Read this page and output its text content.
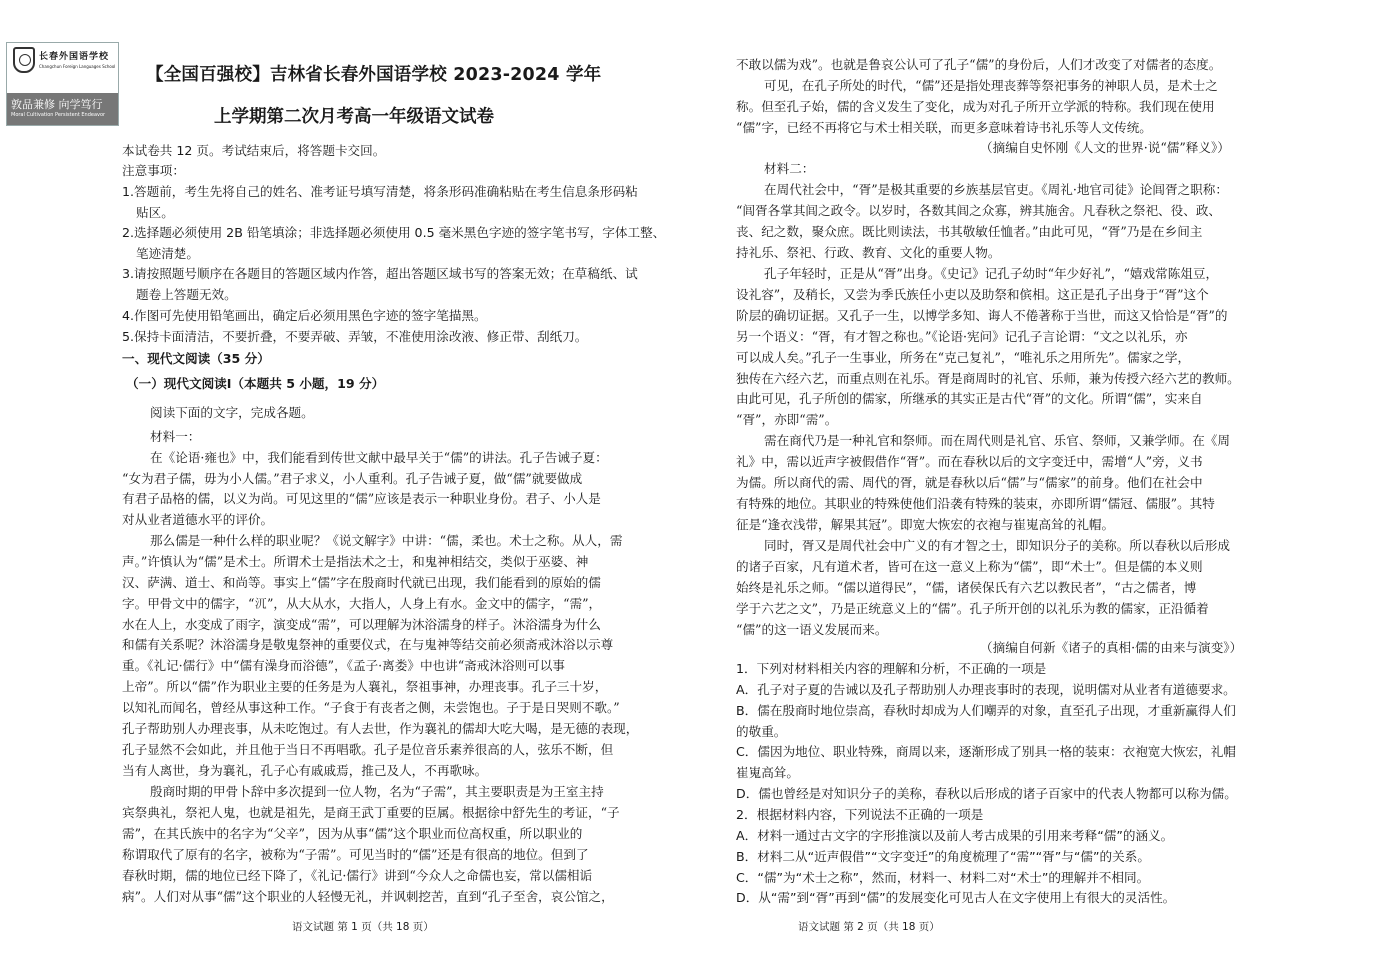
长春外国语学校
Changchun Foreign Languages School
敦品兼修 向学笃行
Moral Cultivation Persistent Endeavor
【全国百强校】吉林省长春外国语学校 2023-2024 学年
上学期第二次月考高一年级语文试卷
本试卷共 12 页。考试结束后，将答题卡交回。
注意事项：
1.答题前，考生先将自己的姓名、准考证号填写清楚，将条形码准确粘贴在考生信息条形码粘
贴区。
2.选择题必须使用 2B 铅笔填涂；非选择题必须使用 0.5 毫米黑色字迹的签字笔书写，字体工整、
笔迹清楚。
3.请按照题号顺序在各题目的答题区域内作答，超出答题区域书写的答案无效；在草稿纸、试
题卷上答题无效。
4.作图可先使用铅笔画出，确定后必须用黑色字迹的签字笔描黑。
5.保持卡面清洁，不要折叠，不要弄破、弄皱，不准使用涂改液、修正带、刮纸刀。
一、现代文阅读（35 分）
（一）现代文阅读Ⅰ（本题共 5 小题，19 分）
阅读下面的文字，完成各题。
材料一：
在《论语·雍也》中，我们能看到传世文献中最早关于“儒”的讲法。孔子告诫子夏：
“女为君子儒，毋为小人儒。”君子求义，小人重利。孔子告诫子夏，做“儒”就要做成
有君子品格的儒，以义为尚。可见这里的“儒”应该是表示一种职业身份。君子、小人是
对从业者道德水平的评价。
那么儒是一种什么样的职业呢？《说文解字》中讲：“儒，柔也。术士之称。从人，需
声。”许慎认为“儒”是术士。所谓术士是指法术之士，和鬼神相结交，类似于巫婆、神
汉、萨满、道士、和尚等。事实上“儒”字在殷商时代就已出现，我们能看到的原始的儒
字。甲骨文中的儒字，“𣲍”，从大从水，大指人，人身上有水。金文中的儒字，“需”，
水在人上，水变成了雨字，演变成“需”，可以理解为沐浴濡身的样子。沐浴濡身为什么
和儒有关系呢？沐浴濡身是敬鬼祭神的重要仪式，在与鬼神等结交前必须斋戒沐浴以示尊
重。《礼记·儒行》中“儒有澡身而浴德”，《孟子·离娄》中也讲“斋戒沐浴则可以事
上帝”。所以“儒”作为职业主要的任务是为人襄礼，祭祖事神，办理丧事。孔子三十岁，
以知礼而闻名，曾经从事这种工作。“子食于有丧者之侧，未尝饱也。子于是日哭则不歌。”
孔子帮助别人办理丧事，从未吃饱过。有人去世，作为襄礼的儒却大吃大喝，是无德的表现，
孔子显然不会如此，并且他于当日不再唱歌。孔子是位音乐素养很高的人，弦乐不断，但
当有人离世，身为襄礼，孔子心有戚戚焉，推己及人，不再歌咏。
殷商时期的甲骨卜辞中多次提到一位人物，名为“子需”，其主要职责是为王室主持
宾祭典礼，祭祀人鬼，也就是祖先，是商王武丁重要的臣属。根据徐中舒先生的考证，“子
需”，在其氏族中的名字为“父辛”，因为从事“儒”这个职业而位高权重，所以职业的
称谓取代了原有的名字，被称为“子需”。可见当时的“儒”还是有很高的地位。但到了
春秋时期，儒的地位已经下降了，《礼记·儒行》讲到“今众人之命儒也妄，常以儒相诟
病”。人们对从事“儒”这个职业的人轻慢无礼，并讽刺挖苦，直到“孔子至舍，哀公馆之，
语文试题 第 1 页（共 18 页）
不敢以儒为戏”。也就是鲁哀公认可了孔子“儒”的身份后，人们才改变了对儒者的态度。
可见，在孔子所处的时代，“儒”还是指处理丧葬等祭祀事务的神职人员，是术士之
称。但至孔子始，儒的含义发生了变化，成为对孔子所开立学派的特称。我们现在使用
“儒”字，已经不再将它与术士相关联，而更多意味着诗书礼乐等人文传统。
（摘编自史怀刚《人文的世界·说“儒”释义》）
材料二：
在周代社会中，“胥”是极其重要的乡族基层官吏。《周礼·地官司徒》论闾胥之职称：
“闾胥各掌其闾之政令。以岁时，各数其闾之众寡，辨其施舍。凡春秋之祭祀、役、政、
丧、纪之数，聚众庶。既比则读法，书其敬敏任恤者。”由此可见，“胥”乃是在乡间主
持礼乐、祭祀、行政、教育、文化的重要人物。
孔子年轻时，正是从“胥”出身。《史记》记孔子幼时“年少好礼”，“嬉戏常陈俎豆，
设礼容”，及稍长，又尝为季氏族任小吏以及助祭和傧相。这正是孔子出身于“胥”这个
阶层的确切证据。又孔子一生，以博学多知、诲人不倦著称于当世，而这又恰恰是“胥”的
另一个语义：“胥，有才智之称也。”《论语·宪问》记孔子言论谓：“文之以礼乐，亦
可以成人矣。”孔子一生事业，所务在“克己复礼”，“唯礼乐之用所先”。儒家之学，
独传在六经六艺，而重点则在礼乐。胥是商周时的礼官、乐师，兼为传授六经六艺的教师。
由此可见，孔子所创的儒家，所继承的其实正是古代“胥”的文化。所谓“儒”，实来自
“胥”，亦即“需”。
需在商代乃是一种礼官和祭师。而在周代则是礼官、乐官、祭师，又兼学师。在《周
礼》中，需以近声字被假借作“胥”。而在春秋以后的文字变迁中，需增“人”旁，义书
为儒。所以商代的需、周代的胥，就是春秋以后“儒”与“儒家”的前身。他们在社会中
有特殊的地位。其职业的特殊使他们沿袭有特殊的装束，亦即所谓“儒冠、儒服”。其特
征是“逢衣浅带，解果其冠”。即宽大恢宏的衣袍与崔嵬高耸的礼帽。
同时，胥又是周代社会中广义的有才智之士，即知识分子的美称。所以春秋以后形成
的诸子百家，凡有道术者，皆可在这一意义上称为“儒”，即“术士”。但是儒的本义则
始终是礼乐之师。“儒以道得民”，“儒，诸侯保氏有六艺以教民者”，“古之儒者，博
学于六艺之文”，乃是正统意义上的“儒”。孔子所开创的以礼乐为教的儒家，正沿循着
“儒”的这一语义发展而来。
（摘编自何新《诸子的真相·儒的由来与演变》）
1．下列对材料相关内容的理解和分析，不正确的一项是
A．孔子对子夏的告诫以及孔子帮助别人办理丧事时的表现，说明儒对从业者有道德要求。
B．儒在殷商时地位崇高，春秋时却成为人们嘲弄的对象，直至孔子出现，才重新赢得人们
的敬重。
C．儒因为地位、职业特殊，商周以来，逐渐形成了别具一格的装束：衣袍宽大恢宏，礼帽
崔嵬高耸。
D．儒也曾经是对知识分子的美称，春秋以后形成的诸子百家中的代表人物都可以称为儒。
2．根据材料内容，下列说法不正确的一项是
A．材料一通过古文字的字形推演以及前人考古成果的引用来考释“儒”的涵义。
B．材料二从“近声假借”“文字变迁”的角度梳理了“需”“胥”与“儒”的关系。
C．“儒”为“术士之称”，然而，材料一、材料二对“术士”的理解并不相同。
D．从“需”到“胥”再到“儒”的发展变化可见古人在文字使用上有很大的灵活性。
语文试题 第 2 页（共 18 页）
